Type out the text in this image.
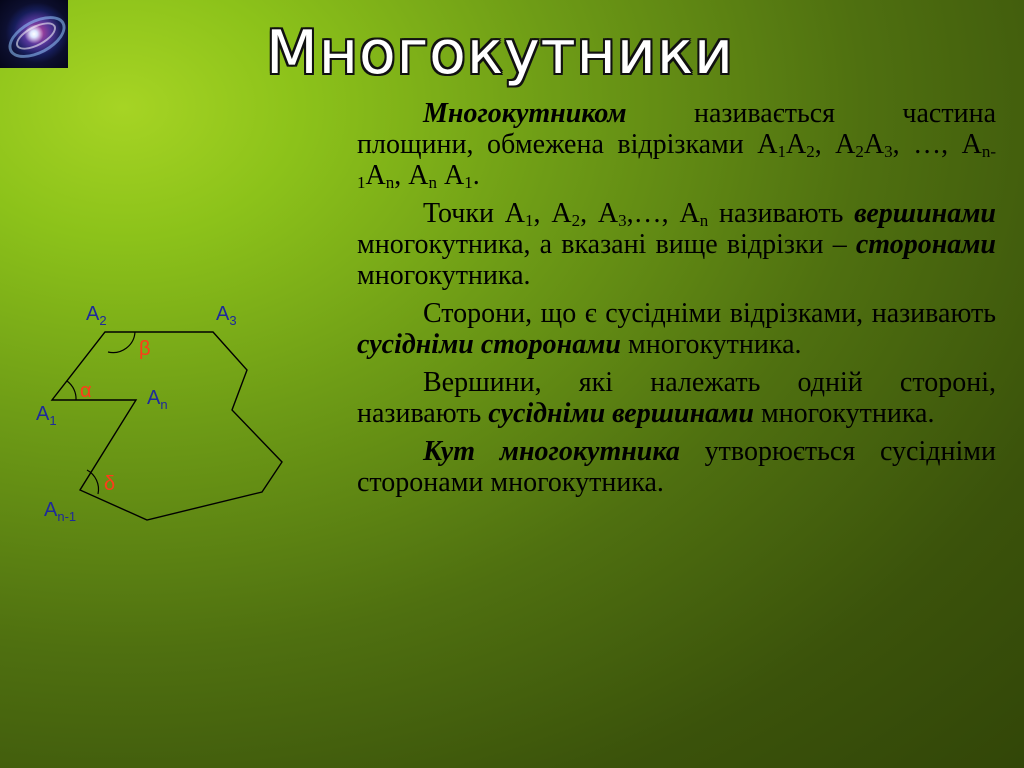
Многокутники
$А_2$	$А_3$
$А_1$
$А_n$
$А_{n-1}$
β
α
δ

Многокутником називається частина площини, обмежена відрізками $А_1А_2$, $А_2А_3$, …, $А_{n-1}А_n$, $А_n$ $А_1$.

Точки $А_1$, $А_2$, $А_3,\dots$, $А_n$ називають вершинами многокутника, а вказані вище відрізки – сторонами многокутника.

Сторони, що є сусідніми відрізками, називають сусідніми сторонами многокутника.

Вершини, які належать одній стороні, називають сусідніми вершинами многокутника.

Кут многокутника утворюється сусідніми сторонами многокутника.
